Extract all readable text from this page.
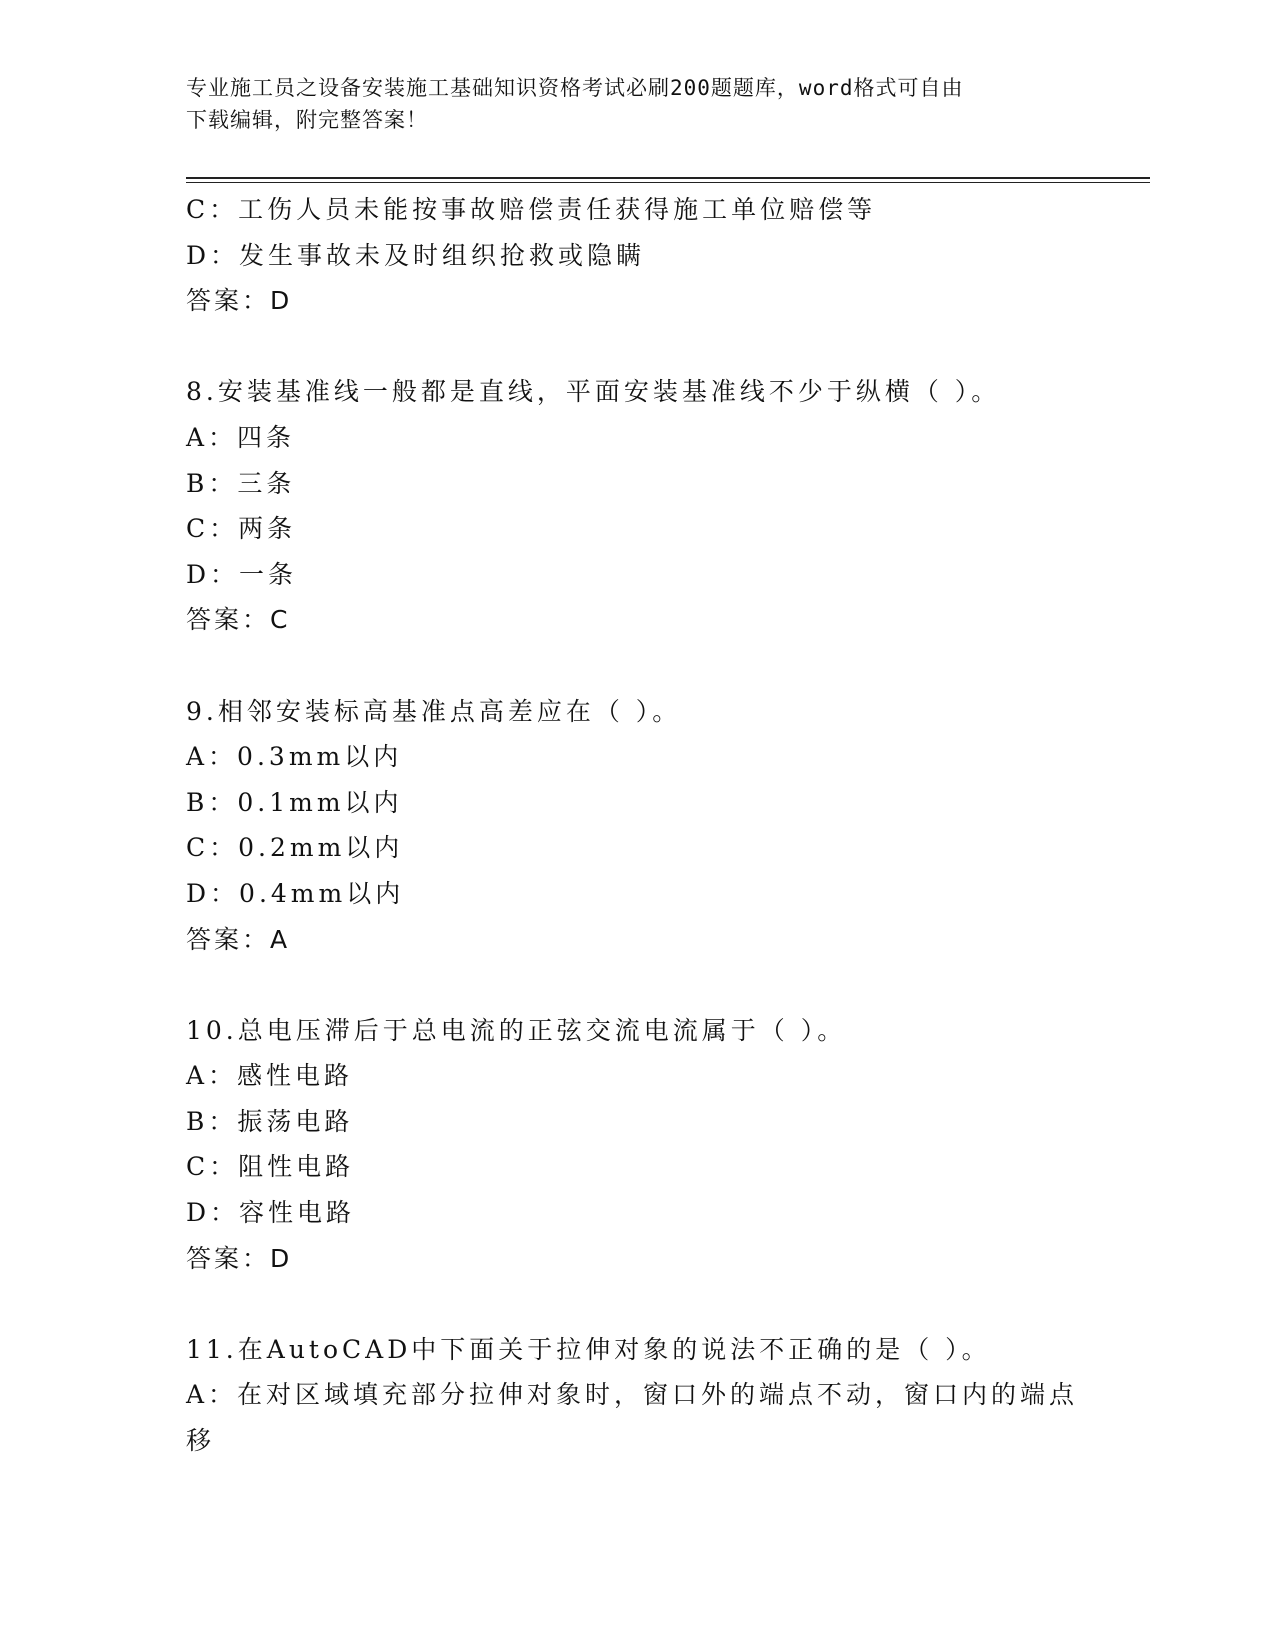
专业施工员之设备安装施工基础知识资格考试必刷200题题库，word格式可自由
下载编辑，附完整答案！
C：工伤人员未能按事故赔偿责任获得施工单位赔偿等
D：发生事故未及时组织抢救或隐瞒
答案：D
8.安装基准线一般都是直线，平面安装基准线不少于纵横（ ）。
A：四条
B：三条
C：两条
D：一条
答案：C
9.相邻安装标高基准点高差应在（ ）。
A：0.3mm以内
B：0.1mm以内
C：0.2mm以内
D：0.4mm以内
答案：A
10.总电压滞后于总电流的正弦交流电流属于（ ）。
A：感性电路
B：振荡电路
C：阻性电路
D：容性电路
答案：D
11.在AutoCAD中下面关于拉伸对象的说法不正确的是（ ）。
A：在对区域填充部分拉伸对象时，窗口外的端点不动，窗口内的端点移
